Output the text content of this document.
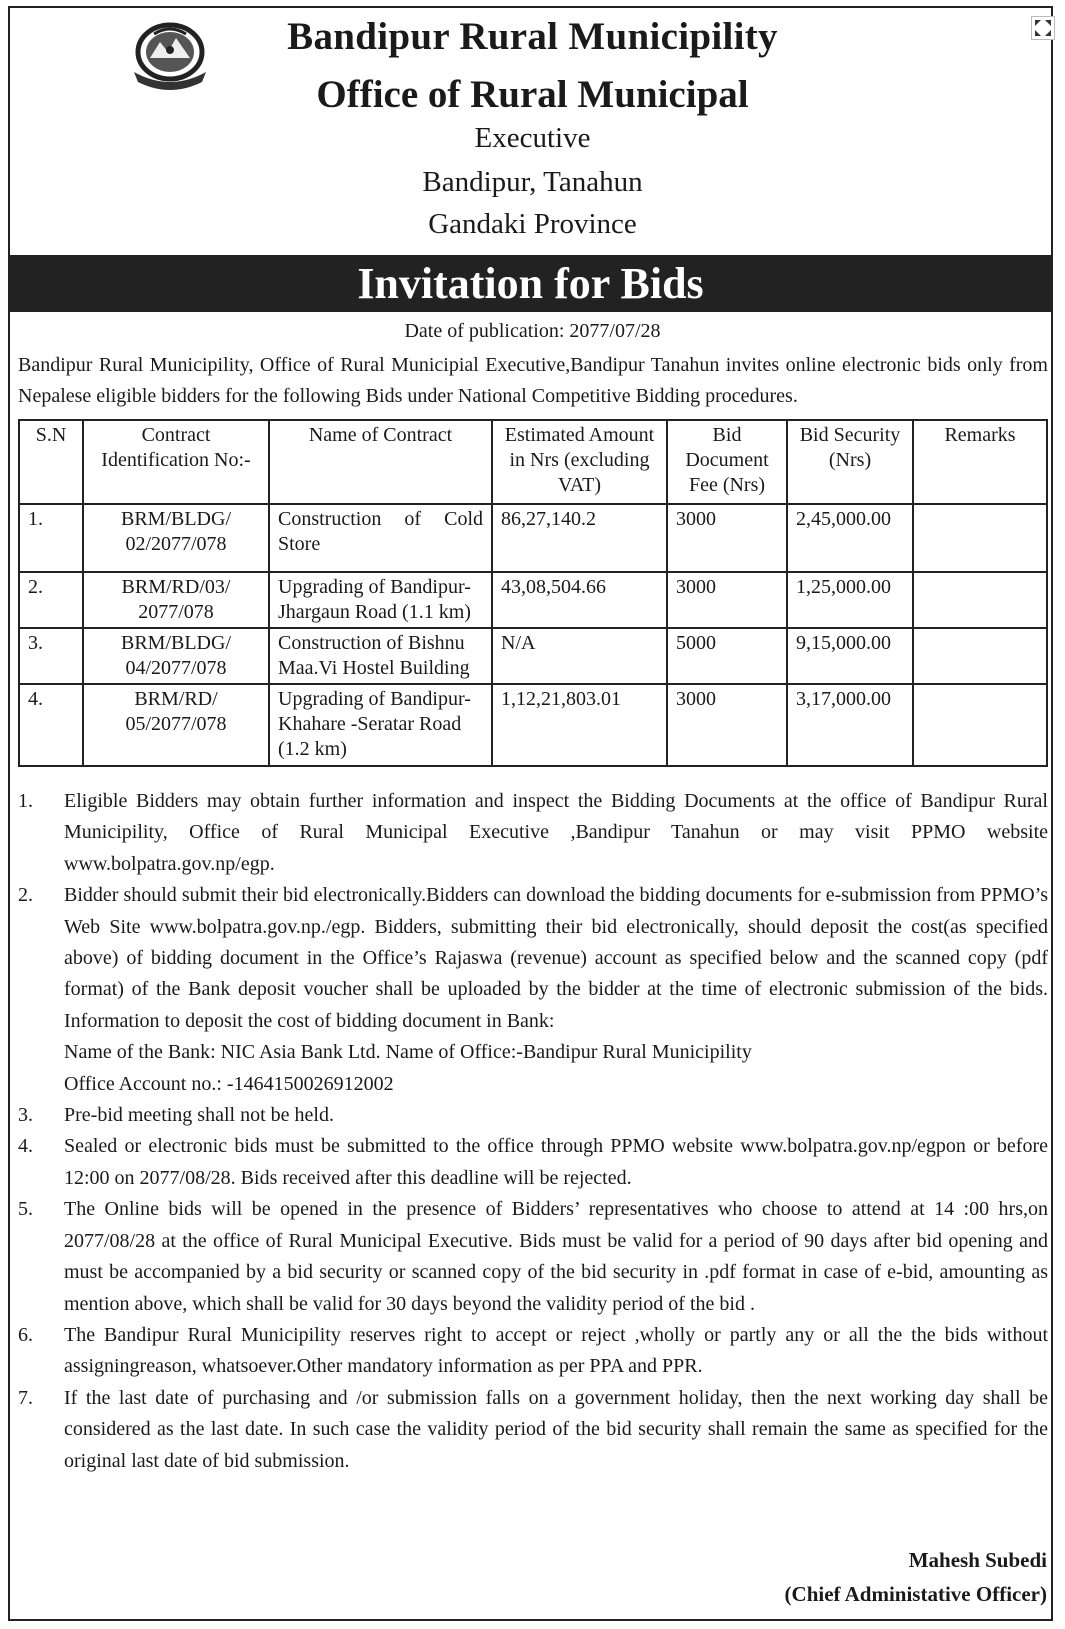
Bandipur Rural Municipility
Office of Rural Municipal
Executive
Bandipur, Tanahun
Gandaki Province
Invitation for Bids
Date of publication: 2077/07/28
Bandipur Rural Municipility, Office of Rural Municipial Executive,Bandipur Tanahun invites online electronic bids only from Nepalese eligible bidders for the following Bids under National Competitive Bidding procedures.
S.N	Contract Identification No:-	Name of Contract	Estimated Amount in Nrs (excluding VAT)	Bid Document Fee (Nrs)	Bid Security (Nrs)	Remarks
1.	BRM/BLDG/ 02/2077/078	Construction of Cold Store	86,27,140.2	3000	2,45,000.00	
2.	BRM/RD/03/ 2077/078	Upgrading of Bandipur-Jhargaun Road (1.1 km)	43,08,504.66	3000	1,25,000.00	
3.	BRM/BLDG/ 04/2077/078	Construction of Bishnu Maa.Vi Hostel Building	N/A	5000	9,15,000.00	
4.	BRM/RD/ 05/2077/078	Upgrading of Bandipur-Khahare -Seratar Road (1.2 km)	1,12,21,803.01	3000	3,17,000.00	
1. Eligible Bidders may obtain further information and inspect the Bidding Documents at the office of Bandipur Rural Municipility, Office of Rural Municipal Executive ,Bandipur Tanahun or may visit PPMO website www.bolpatra.gov.np/egp.
2. Bidder should submit their bid electronically.Bidders can download the bidding documents for e-submission from PPMO’s Web Site www.bolpatra.gov.np./egp. Bidders, submitting their bid electronically, should deposit the cost(as specified above) of bidding document in the Office’s Rajaswa (revenue) account as specified below and the scanned copy (pdf format) of the Bank deposit voucher shall be uploaded by the bidder at the time of electronic submission of the bids. Information to deposit the cost of bidding document in Bank:
Name of the Bank: NIC Asia Bank Ltd. Name of Office:-Bandipur Rural Municipility
Office Account no.: -1464150026912002
3. Pre-bid meeting shall not be held.
4. Sealed or electronic bids must be submitted to the office through PPMO website www.bolpatra.gov.np/egpon or before 12:00 on 2077/08/28. Bids received after this deadline will be rejected.
5. The Online bids will be opened in the presence of Bidders’ representatives who choose to attend at 14 :00 hrs,on 2077/08/28 at the office of Rural Municipal Executive. Bids must be valid for a period of 90 days after bid opening and must be accompanied by a bid security or scanned copy of the bid security in .pdf format in case of e-bid, amounting as mention above, which shall be valid for 30 days beyond the validity period of the bid .
6. The Bandipur Rural Municipility reserves right to accept or reject ,wholly or partly any or all the the bids without assigningreason, whatsoever.Other mandatory information as per PPA and PPR.
7. If the last date of purchasing and /or submission falls on a government holiday, then the next working day shall be considered as the last date. In such case the validity period of the bid security shall remain the same as specified for the original last date of bid submission.
Mahesh Subedi
(Chief Administative Officer)
